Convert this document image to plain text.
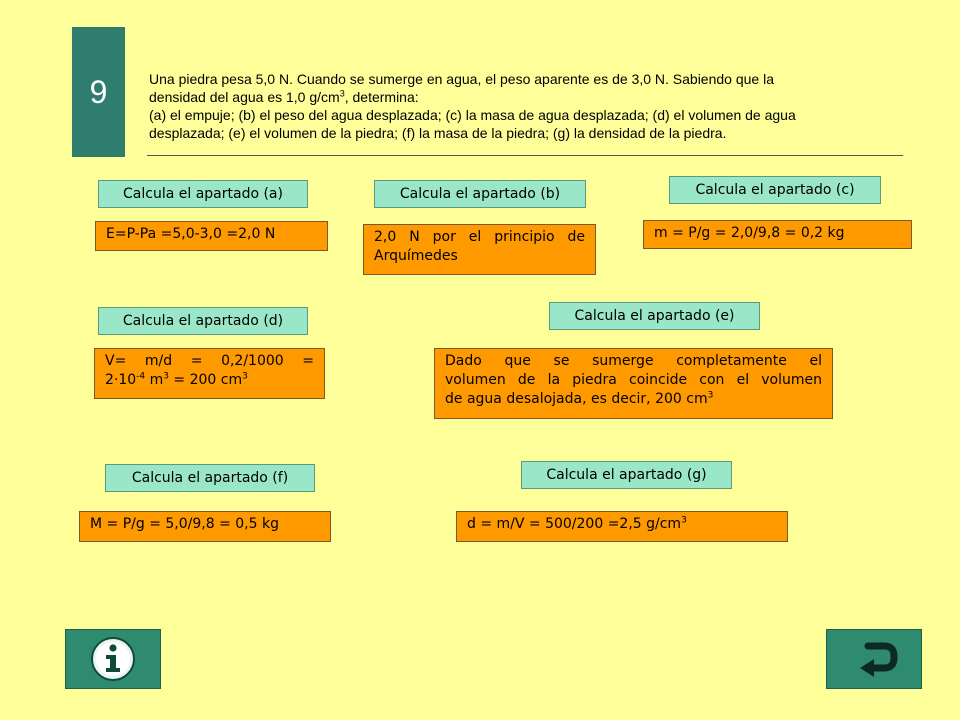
9	Una piedra pesa 5,0 N. Cuando se sumerge en agua, el peso aparente es de 3,0 N. Sabiendo que la

densidad del agua es 1,0 $g/cm^3$, determina:

(a) el empuje; (b) el peso del agua desplazada; (c) la masa de agua desplazada; (d) el volumen de agua

desplazada; (e) el volumen de la piedra; (f) la masa de la piedra; (g) la densidad de la piedra.

Calcula el apartado (a)	Calcula el apartado (b)	Calcula el apartado (c)
Calcula el apartado (d)	Calcula el apartado (e)
Calcula el apartado (f)	Calcula el apartado (g)
E=P-Pa =5,0-3,0 =2,0 N	2,0 N por el principio de
Arquímedes
m = P/g = 2,0/9,8 = 0,2 kg
V= m/d = 0,2/1000 =
$2\cdot 10^{-4}$ $m^3 = 200$ $cm^3$
Dado que se sumerge completamente el
volumen de la piedra coincide con el volumen
de agua desalojada, es decir, 200 $cm^3$
M = P/g = 5,0/9,8 = 0,5 kg	d = m/V = 500/200 =2,5 $g/cm^3$
